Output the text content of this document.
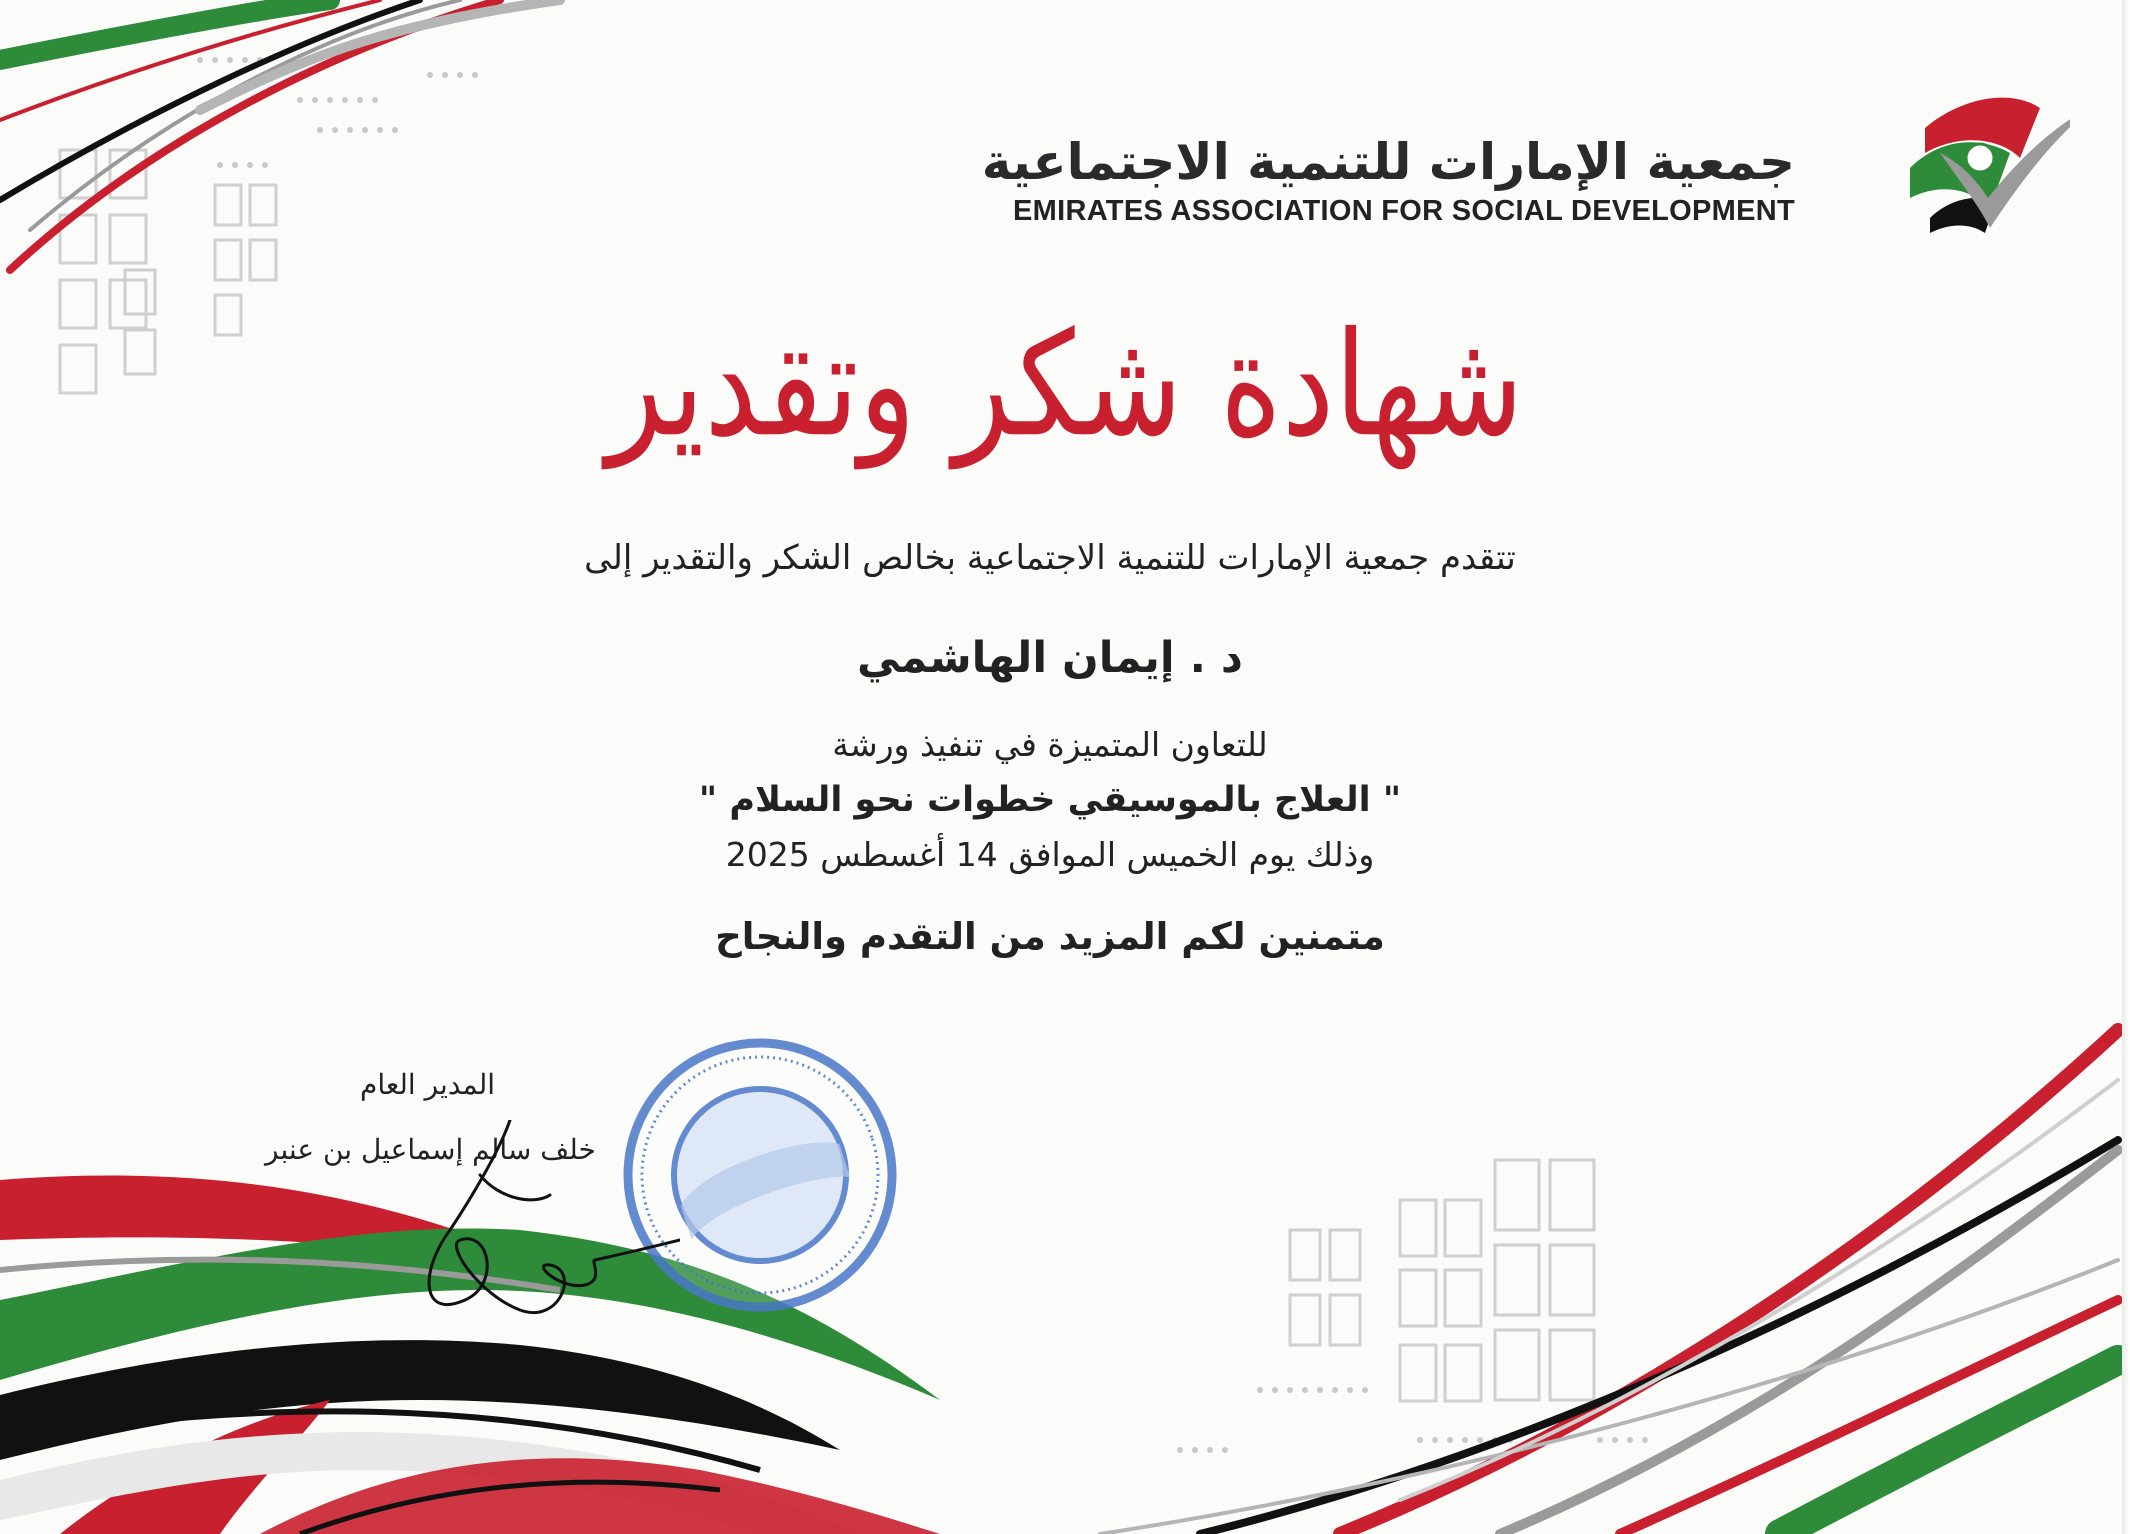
جمعية الإمارات للتنمية الاجتماعية
EMIRATES ASSOCIATION FOR SOCIAL DEVELOPMENT
شهادة شكر وتقدير
تتقدم جمعية الإمارات للتنمية الاجتماعية بخالص الشكر والتقدير إلى
د . إيمان الهاشمي
للتعاون المتميزة في تنفيذ ورشة
" العلاج بالموسيقي خطوات نحو السلام "
وذلك يوم الخميس الموافق 14 أغسطس 2025
متمنين لكم المزيد من التقدم والنجاح
المدير العام
خلف سالم إسماعيل بن عنبر
